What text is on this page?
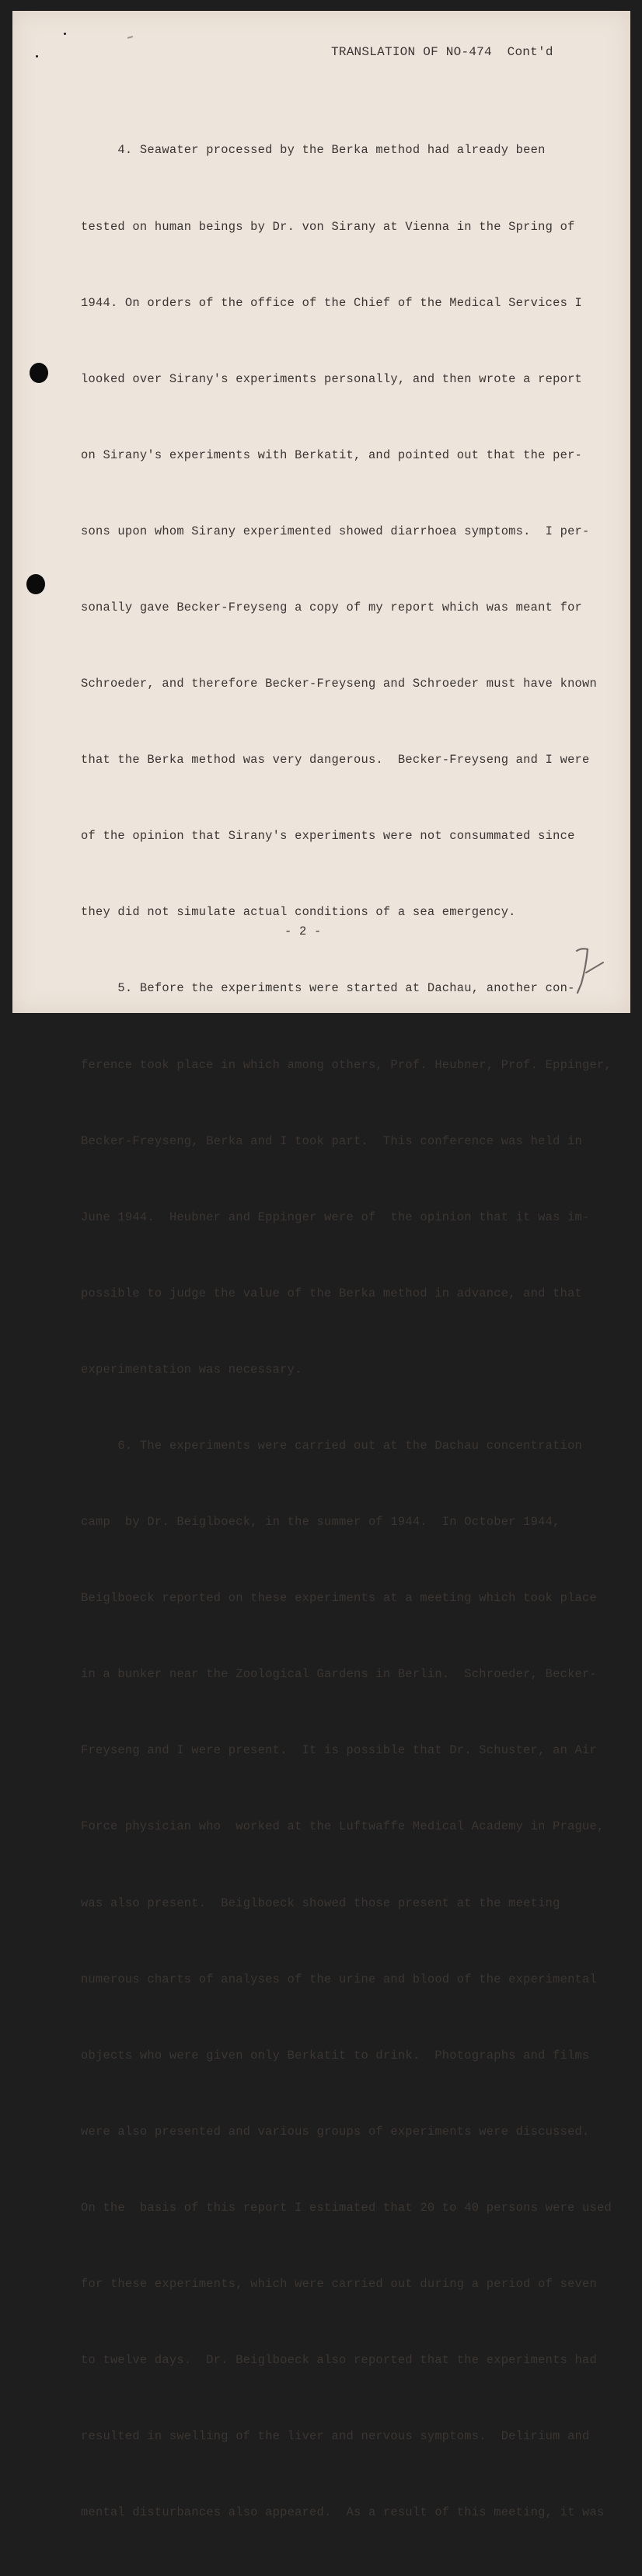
TRANSLATION OF NO-474  Cont'd

4. Seawater processed by the Berka method had already been

tested on human beings by Dr. von Sirany at Vienna in the Spring of

1944. On orders of the office of the Chief of the Medical Services I

looked over Sirany's experiments personally, and then wrote a report

on Sirany's experiments with Berkatit, and pointed out that the per-

sons upon whom Sirany experimented showed diarrhoea symptoms.  I per-

sonally gave Becker-Freyseng a copy of my report which was meant for

Schroeder, and therefore Becker-Freyseng and Schroeder must have known

that the Berka method was very dangerous.  Becker-Freyseng and I were

of the opinion that Sirany's experiments were not consummated since

they did not simulate actual conditions of a sea emergency.

5. Before the experiments were started at Dachau, another con-

ference took place in which among others, Prof. Heubner, Prof. Eppinger,

Becker-Freyseng, Berka and I took part.  This conference was held in

June 1944.  Heubner and Eppinger were of  the opinion that it was im-

possible to judge the value of the Berka method in advance, and that

experimentation was necessary.

6. The experiments were carried out at the Dachau concentration

camp  by Dr. Beiglboeck, in the summer of 1944.  In October 1944,

Beiglboeck reported on these experiments at a meeting which took place

in a bunker near the Zoological Gardens in Berlin.  Schroeder, Becker-

Freyseng and I were present.  It is possible that Dr. Schuster, an Air

Force physician who  worked at the Luftwaffe Medical Academy in Prague,

was also present.  Beiglboeck showed those present at the meeting

numerous charts of analyses of the urine and blood of the experimental

objects who were given only Berkatit to drink.  Photographs and films

were also presented and various groups of experiments were discussed.

On the  basis of this report I estimated that 20 to 40 persons were used

for these experiments, which were carried out during a period of seven

to twelve days.  Dr. Beiglboeck also reported that the experiments had

resulted in swelling of the liver and nervous symptoms.  Delirium and

mental disturbances also appeared.  As a result of this meeting, it was

- 2 -
